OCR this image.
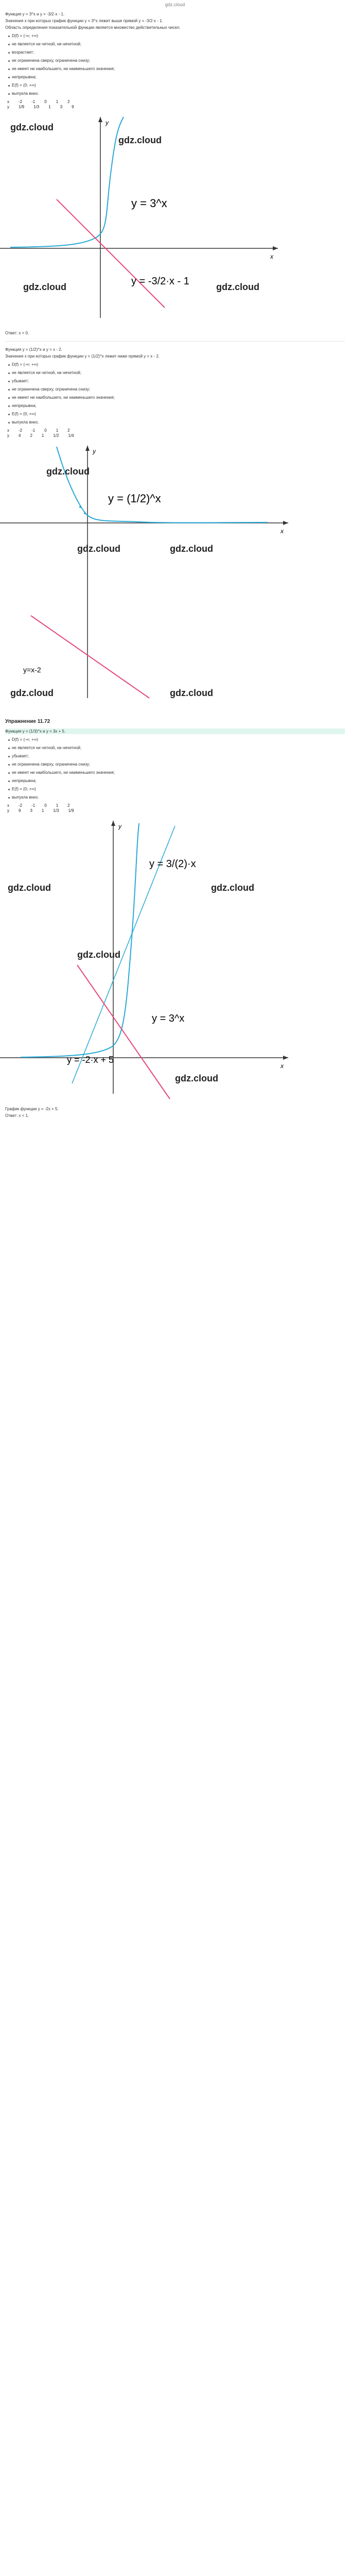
gdz.cloud
Функция y = 3^x и y = -3/2·x - 1.
Значения x при которых график функции y = 3^x лежит выше прямой y = -3/2·x - 1.
Область определения показательной функции является множество действительных чисел.
D(f) = (-∞; +∞)
не является ни четной, ни нечетной;
возрастает;
не ограничена сверху, ограничена снизу;
не имеет ни наибольшего, ни наименьшего значения;
непрерывна;
E(f) = (0; +∞)
выпукла вниз.
x -2 -1 0 1 2
y 1/9 1/3 1 3 9
x
y
y = 3^x
y = -3/2·x - 1
gdz.cloud
gdz.cloud
gdz.cloud	gdz.cloud
Ответ: x > 0.
Функция y = (1/2)^x и y = x - 2.
Значения x при которых график функции y = (1/2)^x лежит ниже прямой y = x - 2.
D(f) = (-∞; +∞)
не является ни четной, ни нечетной;
убывает;
не ограничена сверху, ограничена снизу;
не имеет ни наибольшего, ни наименьшего значения;
непрерывна;
E(f) = (0; +∞)
выпукла вниз.
x -2 -1 0 1 2
y 4 2 1 1/2 1/4
x
y
y = (1/2)^x
y=x-2
gdz.cloud
gdz.cloud	gdz.cloud
gdz.cloud	gdz.cloud
Упражнение 11.72
Функция y = (1/3)^x и y = 3x + 5.
D(f) = (-∞; +∞)
не является ни четной, ни нечетной;
убывает;
не ограничена сверху, ограничена снизу;
не имеет ни наибольшего, ни наименьшего значения;
непрерывна;
E(f) = (0; +∞)
выпукла вниз.
x -2 -1 0 1 2
y 9 3 1 1/3 1/9
x
y
y = 3/(2)·x
y = 3^x
y = -2·x + 5
gdz.cloud	gdz.cloud
gdz.cloud
gdz.cloud
График функции y = -2x + 5.
Ответ: x < 1.
